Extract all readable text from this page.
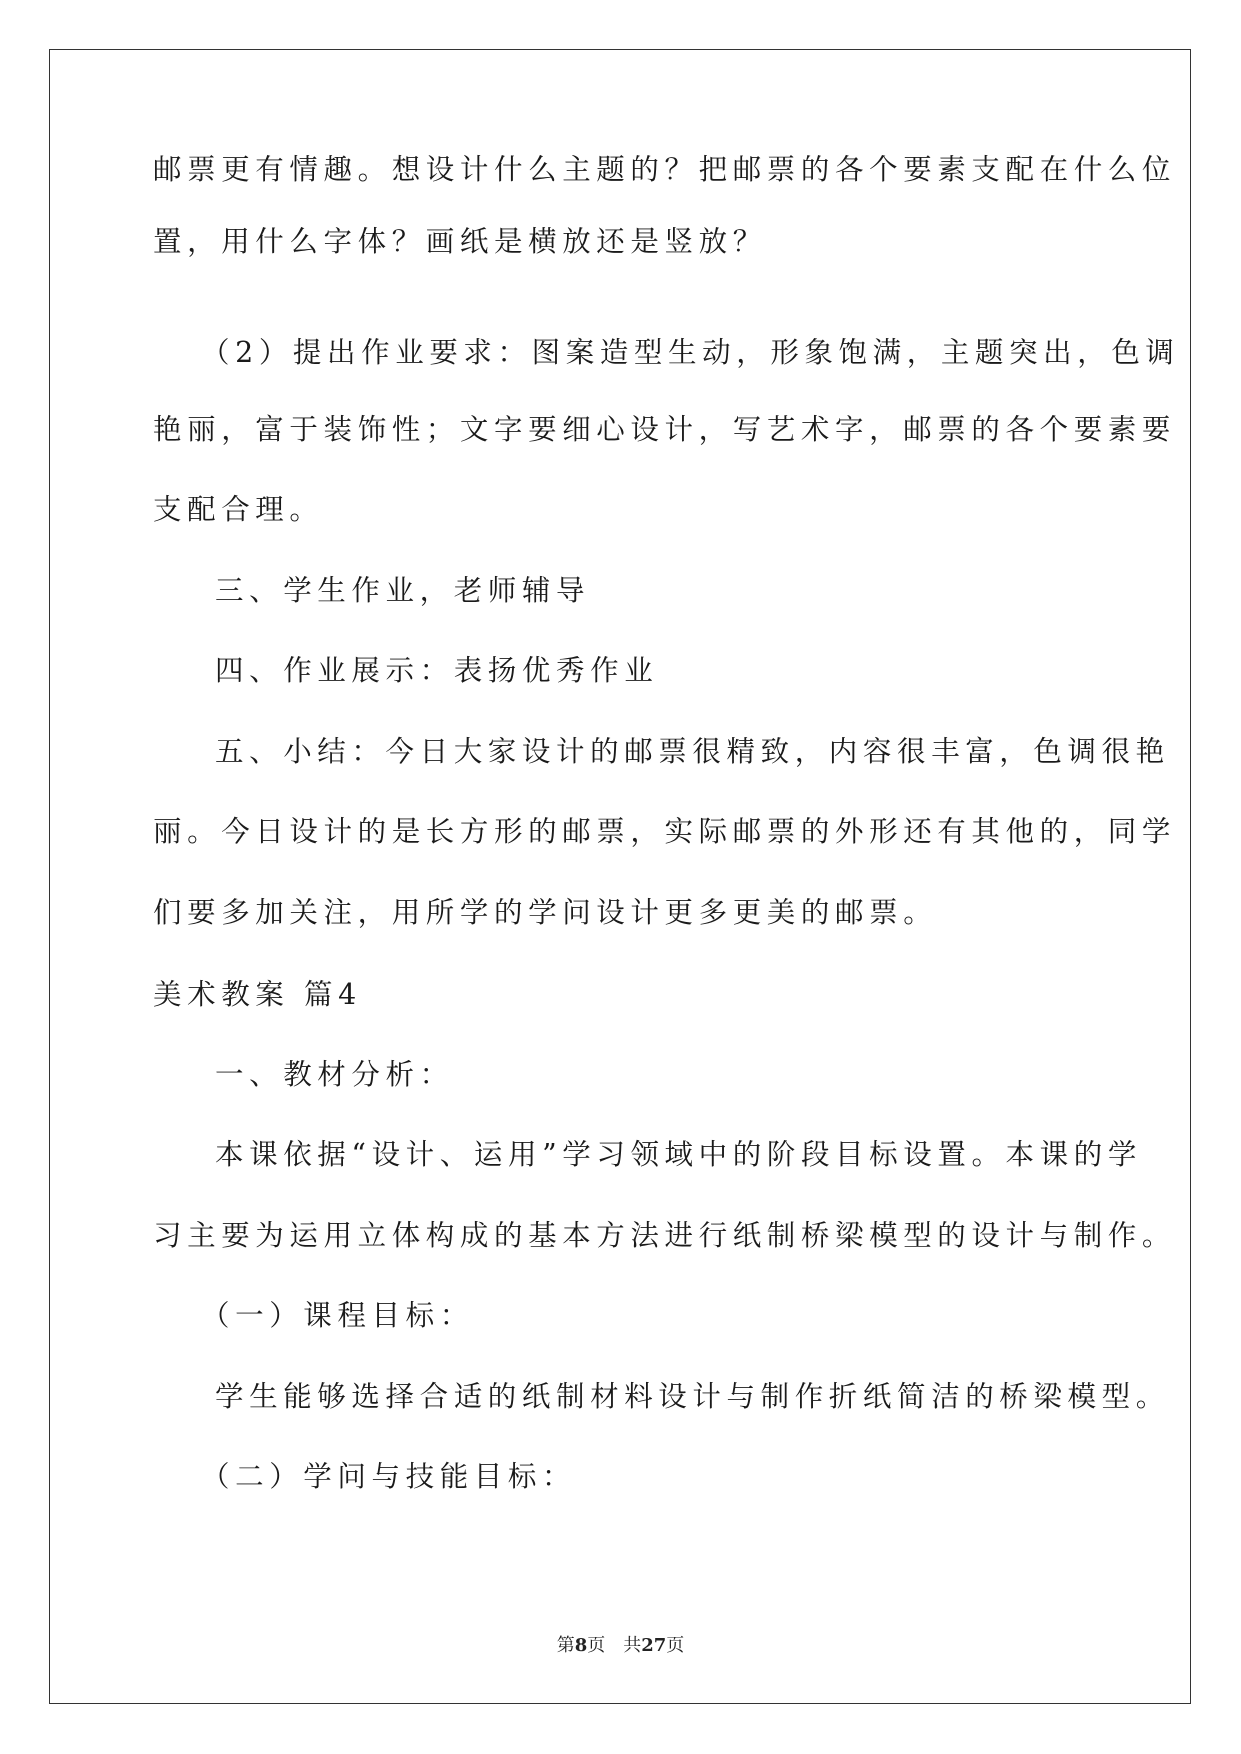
邮票更有情趣。想设计什么主题的？把邮票的各个要素支配在什么位
置，用什么字体？画纸是横放还是竖放？
（2）提出作业要求：图案造型生动，形象饱满，主题突出，色调
艳丽，富于装饰性；文字要细心设计，写艺术字，邮票的各个要素要
支配合理。
三、学生作业，老师辅导
四、作业展示：表扬优秀作业
五、小结：今日大家设计的邮票很精致，内容很丰富，色调很艳
丽。今日设计的是长方形的邮票，实际邮票的外形还有其他的，同学
们要多加关注，用所学的学问设计更多更美的邮票。
美术教案 篇4
一、教材分析：
本课依据“设计、运用”学习领域中的阶段目标设置。本课的学
习主要为运用立体构成的基本方法进行纸制桥梁模型的设计与制作。
（一）课程目标：
学生能够选择合适的纸制材料设计与制作折纸简洁的桥梁模型。
（二）学问与技能目标：
第8页 共27页
